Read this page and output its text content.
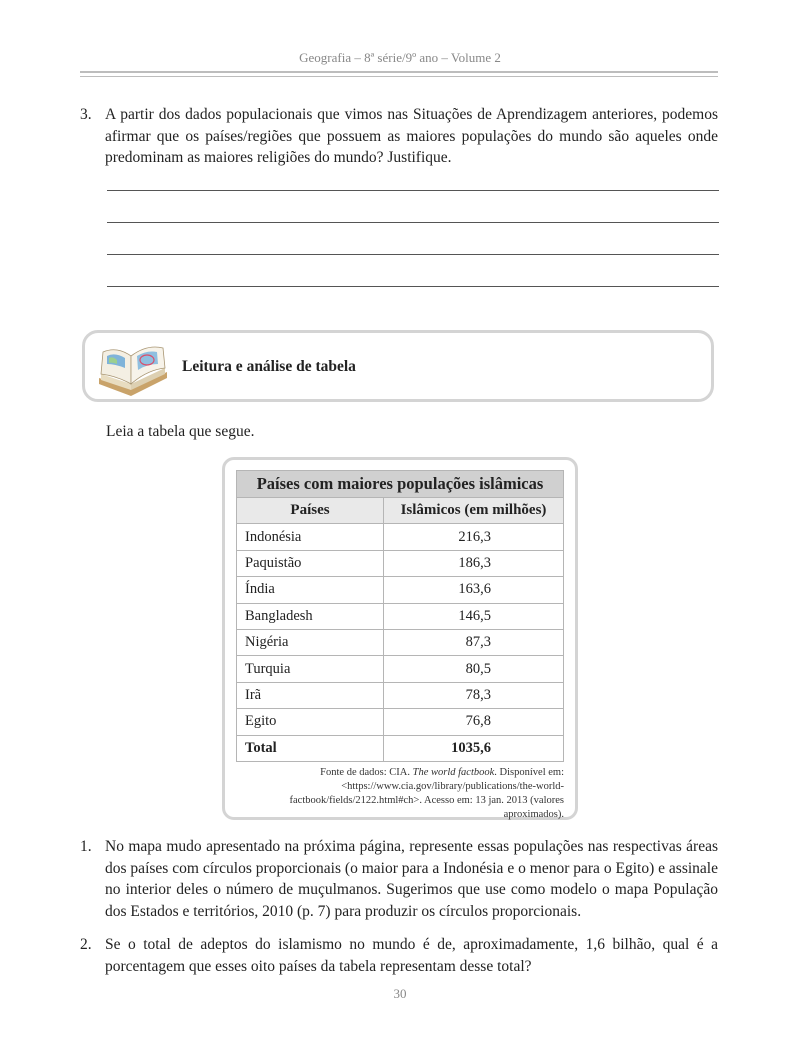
Geografia – 8ª série/9º ano – Volume 2
3. A partir dos dados populacionais que vimos nas Situações de Aprendizagem anteriores, podemos afirmar que os países/regiões que possuem as maiores populações do mundo são aqueles onde predominam as maiores religiões do mundo? Justifique.
Leitura e análise de tabela
Leia a tabela que segue.
Países com maiores populações islâmicas	
Países	Islâmicos (em milhões)
Indonésia	216,3
Paquistão	186,3
Índia	163,6
Bangladesh	146,5
Nigéria	87,3
Turquia	80,5
Irã	78,3
Egito	76,8
Total	1035,6
Fonte de dados: CIA. The world factbook. Disponível em: <https://www.cia.gov/library/publications/the-world-factbook/fields/2122.html#ch>. Acesso em: 13 jan. 2013 (valores aproximados).
1. No mapa mudo apresentado na próxima página, represente essas populações nas respectivas áreas dos países com círculos proporcionais (o maior para a Indonésia e o menor para o Egito) e assinale no interior deles o número de muçulmanos. Sugerimos que use como modelo o mapa População dos Estados e territórios, 2010 (p. 7) para produzir os círculos proporcionais.
2. Se o total de adeptos do islamismo no mundo é de, aproximadamente, 1,6 bilhão, qual é a porcentagem que esses oito países da tabela representam desse total?
30
